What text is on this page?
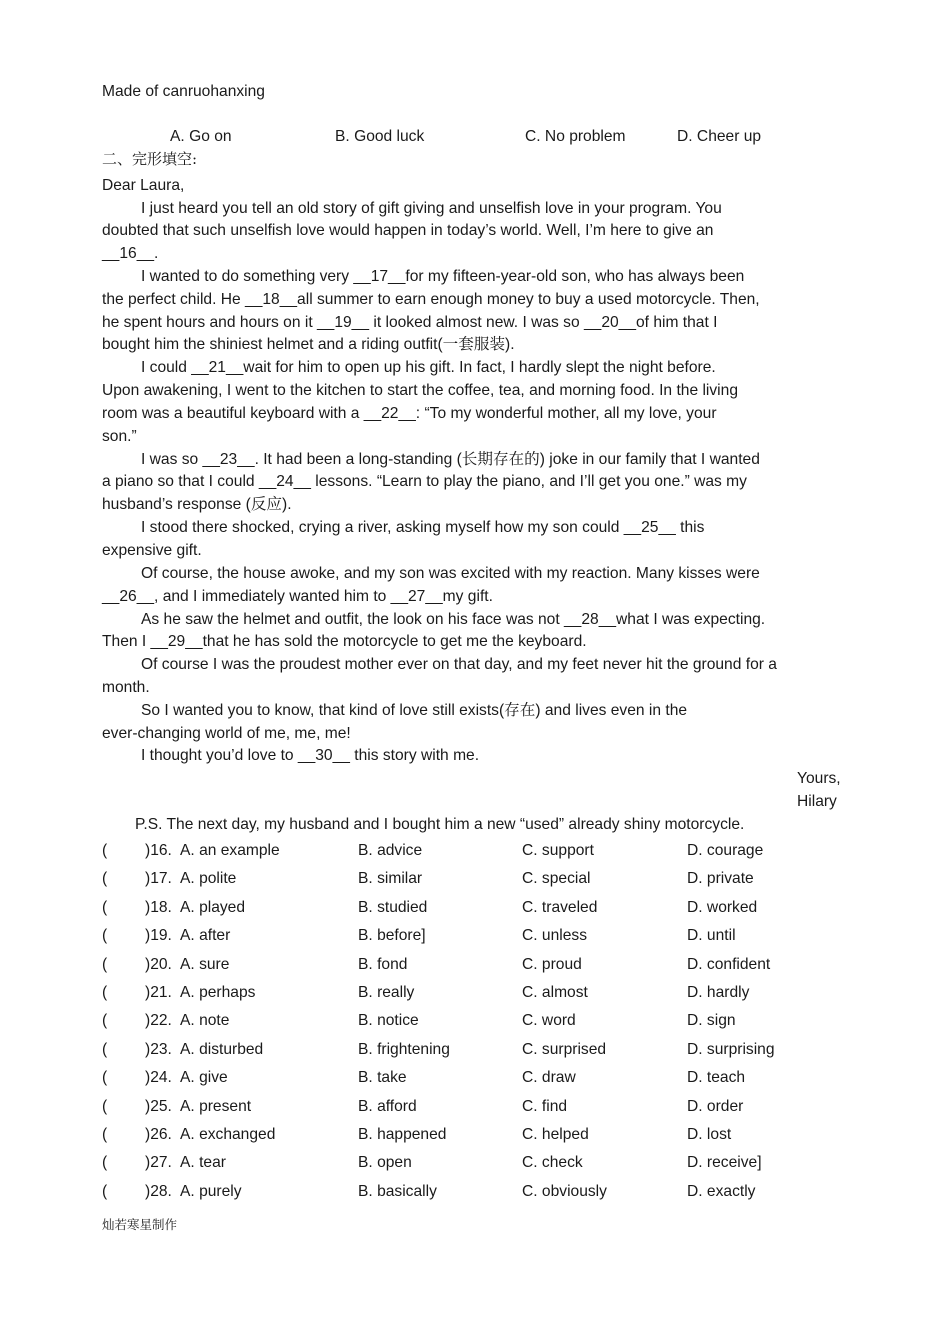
Made of canruohanxing
A. Go on	B. Good luck	C. No problem	D. Cheer up
二、完形填空:
Dear Laura,
I just heard you tell an old story of gift giving and unselfish love in your program. You
doubted that such unselfish love would happen in today’s world. Well, I’m here to give an
__16__.
I wanted to do something very __17__for my fifteen-year-old son, who has always been
the perfect child. He __18__all summer to earn enough money to buy a used motorcycle. Then,
he spent hours and hours on it __19__ it looked almost new. I was so __20__of him that I
bought him the shiniest helmet and a riding outfit(一套服装).
I could __21__wait for him to open up his gift. In fact, I hardly slept the night before.
Upon awakening, I went to the kitchen to start the coffee, tea, and morning food. In the living
room was a beautiful keyboard with a __22__: “To my wonderful mother, all my love, your
son.”
I was so __23__. It had been a long-standing (长期存在的) joke in our family that I wanted
a piano so that I could __24__ lessons. “Learn to play the piano, and I’ll get you one.” was my
husband’s response (反应).
I stood there shocked, crying a river, asking myself how my son could __25__ this
expensive gift.
Of course, the house awoke, and my son was excited with my reaction. Many kisses were
__26__, and I immediately wanted him to __27__my gift.
As he saw the helmet and outfit, the look on his face was not __28__what I was expecting.
Then I __29__that he has sold the motorcycle to get me the keyboard.
Of course I was the proudest mother ever on that day, and my feet never hit the ground for a
month.
So I wanted you to know, that kind of love still exists(存在) and lives even in the
ever-changing world of me, me, me!
I thought you’d love to __30__ this story with me.
Yours,
Hilary
P.S. The next day, my husband and I bought him a new “used” already shiny motorcycle.
( )16. A. an example	B. advice	C. support	D. courage
( )17. A. polite	B. similar	C. special	D. private
( )18. A. played	B. studied	C. traveled	D. worked
( )19. A. after	B. before]	C. unless	D. until
( )20. A. sure	B. fond	C. proud	D. confident
( )21. A. perhaps	B. really	C. almost	D. hardly
( )22. A. note	B. notice	C. word	D. sign
( )23. A. disturbed	B. frightening	C. surprised	D. surprising
( )24. A. give	B. take	C. draw	D. teach
( )25. A. present	B. afford	C. find	D. order
( )26. A. exchanged	B. happened	C. helped	D. lost
( )27. A. tear	B. open	C. check	D. receive]
( )28. A. purely	B. basically	C. obviously	D. exactly
灿若寒星制作
